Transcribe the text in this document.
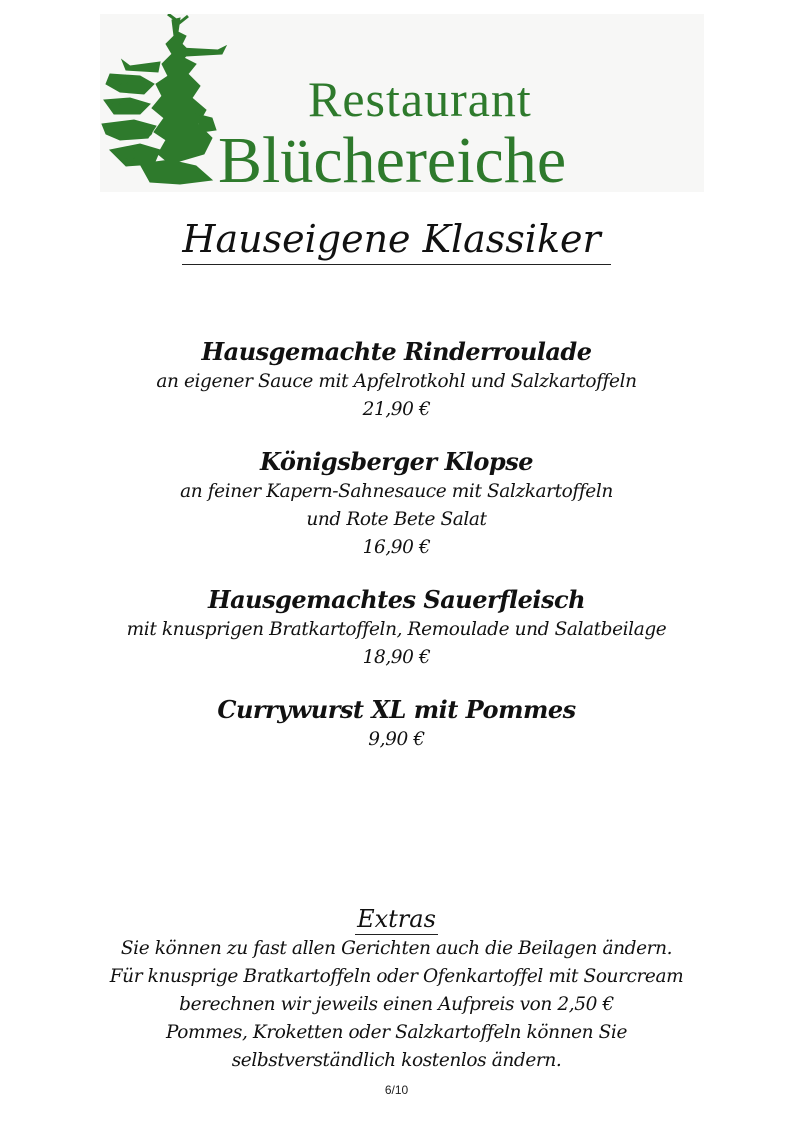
Restaurant
Blüchereiche
Hauseigene Klassiker
Hausgemachte Rinderroulade
an eigener Sauce mit Apfelrotkohl und Salzkartoffeln
21,90 €
Königsberger Klopse
an feiner Kapern-Sahnesauce mit Salzkartoffeln
und Rote Bete Salat
16,90 €
Hausgemachtes Sauerfleisch
mit knusprigen Bratkartoffeln, Remoulade und Salatbeilage
18,90 €
Currywurst XL mit Pommes
9,90 €
Extras
Sie können zu fast allen Gerichten auch die Beilagen ändern.
Für knusprige Bratkartoffeln oder Ofenkartoffel mit Sourcream
berechnen wir jeweils einen Aufpreis von 2,50 €
Pommes, Kroketten oder Salzkartoffeln können Sie
selbstverständlich kostenlos ändern.
6/10
